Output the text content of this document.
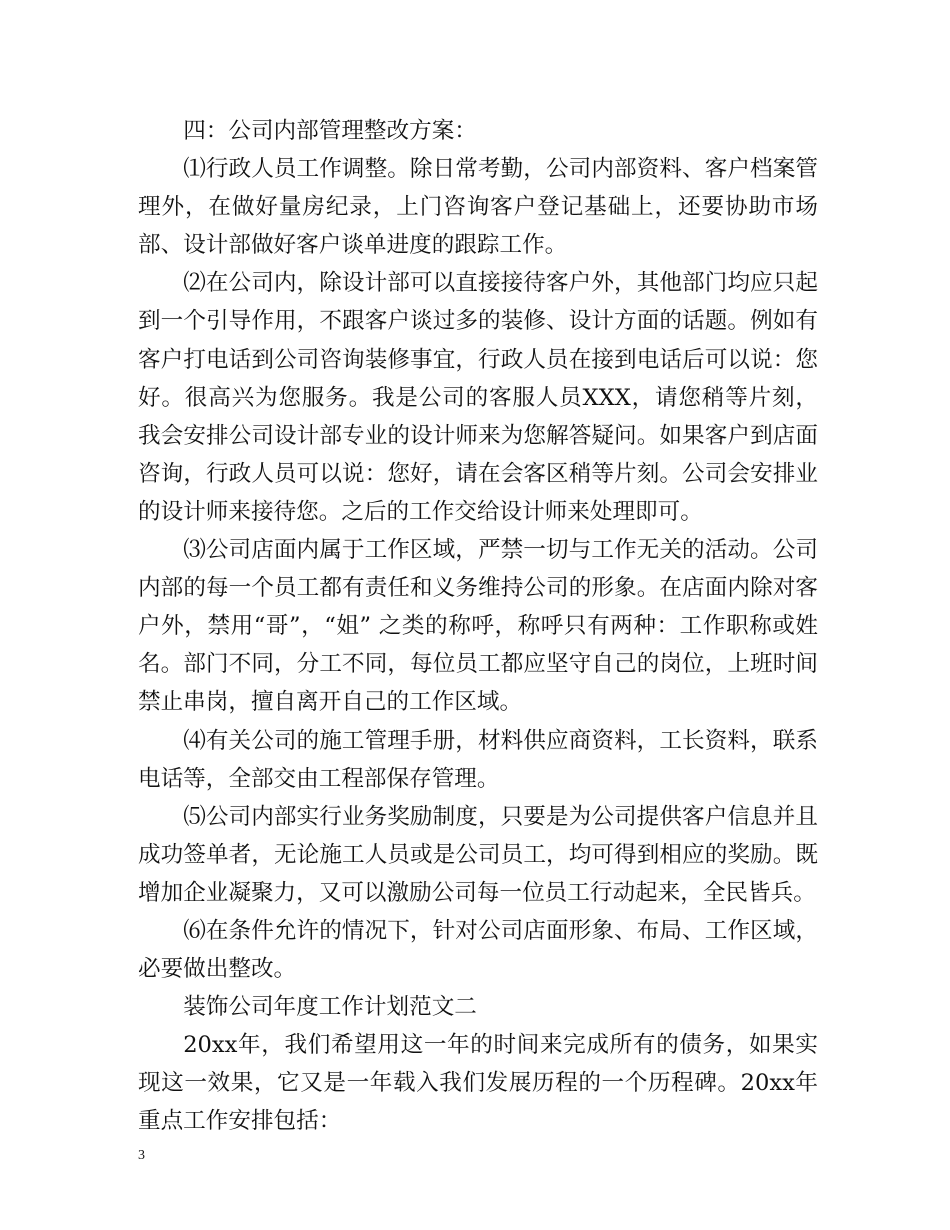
四：公司内部管理整改方案：

⑴行政人员工作调整。除日常考勤，公司内部资料、客户档案管理外，在做好量房纪录，上门咨询客户登记基础上，还要协助市场部、设计部做好客户谈单进度的跟踪工作。

⑵在公司内，除设计部可以直接接待客户外，其他部门均应只起到一个引导作用，不跟客户谈过多的装修、设计方面的话题。例如有客户打电话到公司咨询装修事宜，行政人员在接到电话后可以说：您好。很高兴为您服务。我是公司的客服人员XXX，请您稍等片刻，我会安排公司设计部专业的设计师来为您解答疑问。如果客户到店面咨询，行政人员可以说：您好，请在会客区稍等片刻。公司会安排业的设计师来接待您。之后的工作交给设计师来处理即可。

⑶公司店面内属于工作区域，严禁一切与工作无关的活动。公司内部的每一个员工都有责任和义务维持公司的形象。在店面内除对客户外，禁用“哥”，“姐” 之类的称呼，称呼只有两种：工作职称或姓名。部门不同，分工不同，每位员工都应坚守自己的岗位，上班时间禁止串岗，擅自离开自己的工作区域。

⑷有关公司的施工管理手册，材料供应商资料，工长资料，联系电话等，全部交由工程部保存管理。

⑸公司内部实行业务奖励制度，只要是为公司提供客户信息并且成功签单者，无论施工人员或是公司员工，均可得到相应的奖励。既增加企业凝聚力，又可以激励公司每一位员工行动起来，全民皆兵。

⑹在条件允许的情况下，针对公司店面形象、布局、工作区域，必要做出整改。

装饰公司年度工作计划范文二

20xx年，我们希望用这一年的时间来完成所有的债务，如果实现这一效果，它又是一年载入我们发展历程的一个历程碑。20xx年重点工作安排包括：

3
